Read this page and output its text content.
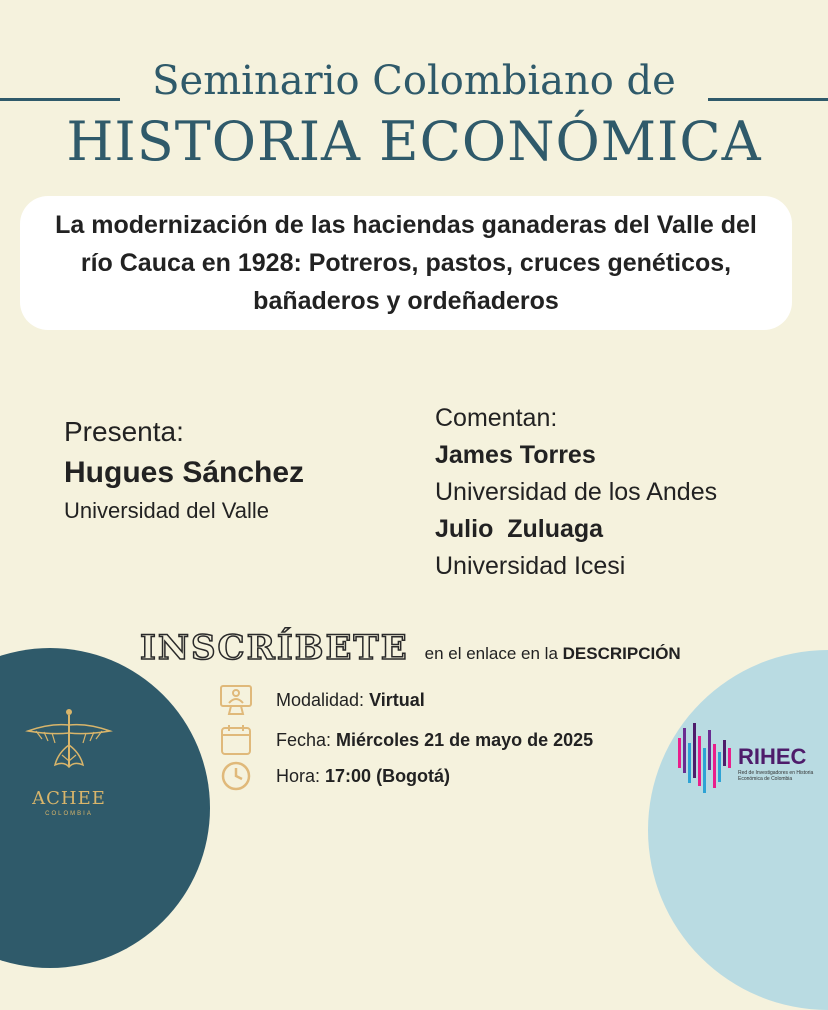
Seminario Colombiano de
HISTORIA ECONÓMICA
La modernización de las haciendas ganaderas del Valle del río Cauca en 1928: Potreros, pastos, cruces genéticos, bañaderos y ordeñaderos
Presenta:
Hugues Sánchez
Universidad del Valle
Comentan:
James Torres
Universidad de los Andes
Julio  Zuluaga
Universidad Icesi
INSCRÍBETE en el enlace en la DESCRIPCIÓN
Modalidad:
Virtual
Fecha:
Miércoles 21 de mayo de 2025
Hora:
17:00 (Bogotá)
ACHEE
COLOMBIA
RIHEC
Red de Investigadores en Historia Económica de Colombia
